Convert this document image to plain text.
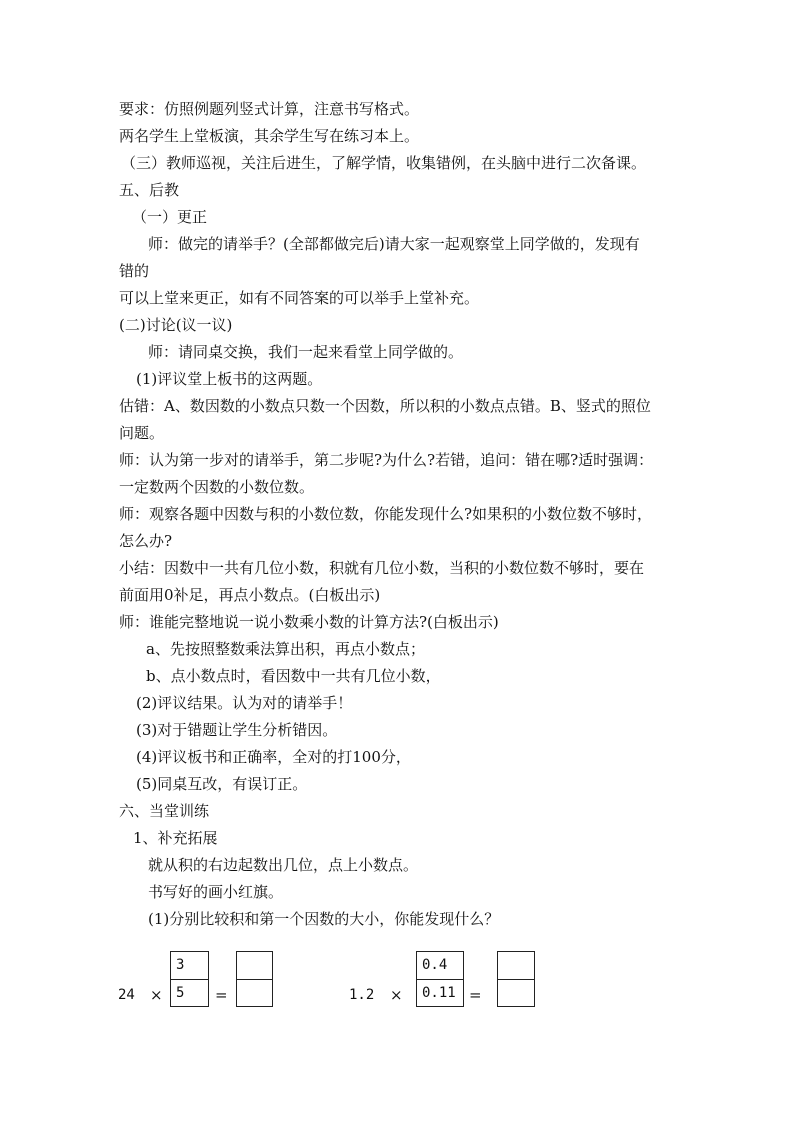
要求：仿照例题列竖式计算，注意书写格式。
两名学生上堂板演，其余学生写在练习本上。
（三）教师巡视，关注后进生，了解学情，收集错例，在头脑中进行二次备课。
五、后教
（一）更正
师：做完的请举手？(全部都做完后)请大家一起观察堂上同学做的，发现有
错的
可以上堂来更正，如有不同答案的可以举手上堂补充。
(二)讨论(议一议)
师：请同桌交换，我们一起来看堂上同学做的。
(1)评议堂上板书的这两题。
估错：A、数因数的小数点只数一个因数，所以积的小数点点错。B、竖式的照位
问题。
师：认为第一步对的请举手，第二步呢?为什么?若错，追问：错在哪?适时强调：
一定数两个因数的小数位数。
师：观察各题中因数与积的小数位数，你能发现什么?如果积的小数位数不够时，
怎么办?
小结：因数中一共有几位小数，积就有几位小数，当积的小数位数不够时，要在
前面用0补足，再点小数点。(白板出示)
师：谁能完整地说一说小数乘小数的计算方法?(白板出示)
a、先按照整数乘法算出积，再点小数点；
b、点小数点时，看因数中一共有几位小数，
(2)评议结果。认为对的请举手！
(3)对于错题让学生分析错因。
(4)评议板书和正确率，全对的打100分，
(5)同桌互改，有误订正。
六、当堂训练
1、补充拓展
就从积的右边起数出几位，点上小数点。
书写好的画小红旗。
(1)分别比较积和第一个因数的大小，你能发现什么？
24 ×
3
5	=	1.2 ×
0.4
0.11 =
